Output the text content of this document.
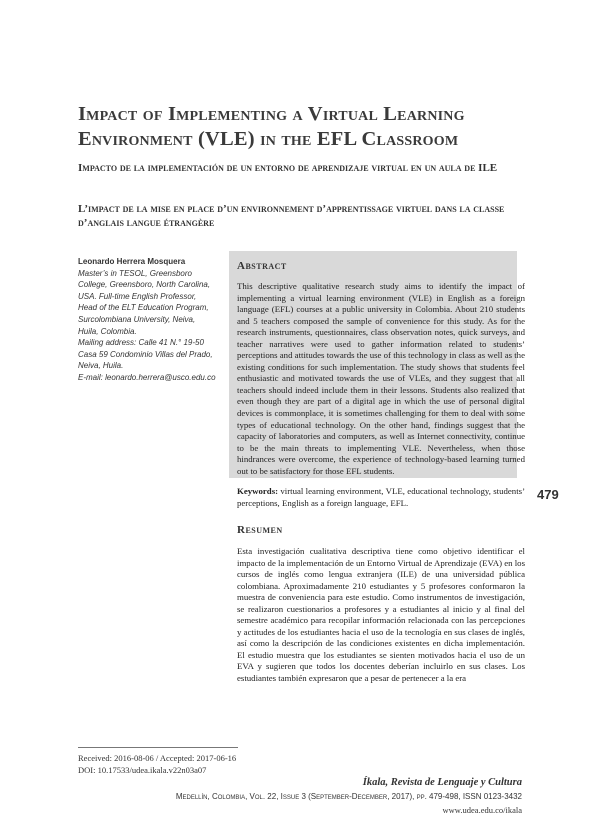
Impact of Implementing a Virtual Learning Environment (VLE) in the EFL Classroom
Impacto de la implementación de un entorno de aprendizaje virtual en un aula de ILE
L’impact de la mise en place d’un environnement d’apprentissage virtuel dans la classe d’anglais langue étrangère
Leonardo Herrera Mosquera
Master’s in TESOL, Greensboro
College, Greensboro, North Carolina,
USA. Full-time English Professor,
Head of the ELT Education Program,
Surcolombiana University, Neiva,
Huila, Colombia.
Mailing address: Calle 41 N.° 19-50
Casa 59 Condominio Villas del Prado,
Neiva, Huila.
E-mail: leonardo.herrera@usco.edu.co
Abstract
This descriptive qualitative research study aims to identify the impact of implementing a virtual learning environment (VLE) in English as a foreign language (EFL) courses at a public university in Colombia. About 210 students and 5 teachers composed the sample of convenience for this study. As for the research instruments, questionnaires, class observation notes, quick surveys, and teacher narratives were used to gather information related to students’ perceptions and attitudes towards the use of this technology in class as well as the existing conditions for such implementation. The study shows that students feel enthusiastic and motivated towards the use of VLEs, and they suggest that all teachers should indeed include them in their lessons. Students also realized that even though they are part of a digital age in which the use of personal digital devices is commonplace, it is sometimes challenging for them to deal with some types of educational technology. On the other hand, findings suggest that the capacity of laboratories and computers, as well as Internet connectivity, continue to be the main threats to implementing VLE. Nevertheless, when those hindrances were overcome, the experience of technology-based learning turned out to be satisfactory for those EFL students.
Keywords: virtual learning environment, VLE, educational technology, students’ perceptions, English as a foreign language, EFL.
Resumen
Esta investigación cualitativa descriptiva tiene como objetivo identificar el impacto de la implementación de un Entorno Virtual de Aprendizaje (EVA) en los cursos de inglés como lengua extranjera (ILE) de una universidad pública colombiana. Aproximadamente 210 estudiantes y 5 profesores conformaron la muestra de conveniencia para este estudio. Como instrumentos de investigación, se realizaron cuestionarios a profesores y a estudiantes al inicio y al final del semestre académico para recopilar información relacionada con las percepciones y actitudes de los estudiantes hacia el uso de la tecnología en sus clases de inglés, así como la descripción de las condiciones existentes en dicha implementación. El estudio muestra que los estudiantes se sienten motivados hacia el uso de un EVA y sugieren que todos los docentes deberían incluirlo en sus clases. Los estudiantes también expresaron que a pesar de pertenecer a la era
479
Received: 2016-08-06 / Accepted: 2017-06-16
DOI: 10.17533/udea.ikala.v22n03a07
Íkala, Revista de Lenguaje y Cultura
Medellín, Colombia, Vol. 22, Issue 3 (September-December, 2017), pp. 479-498, ISSN 0123-3432
www.udea.edu.co/ikala
